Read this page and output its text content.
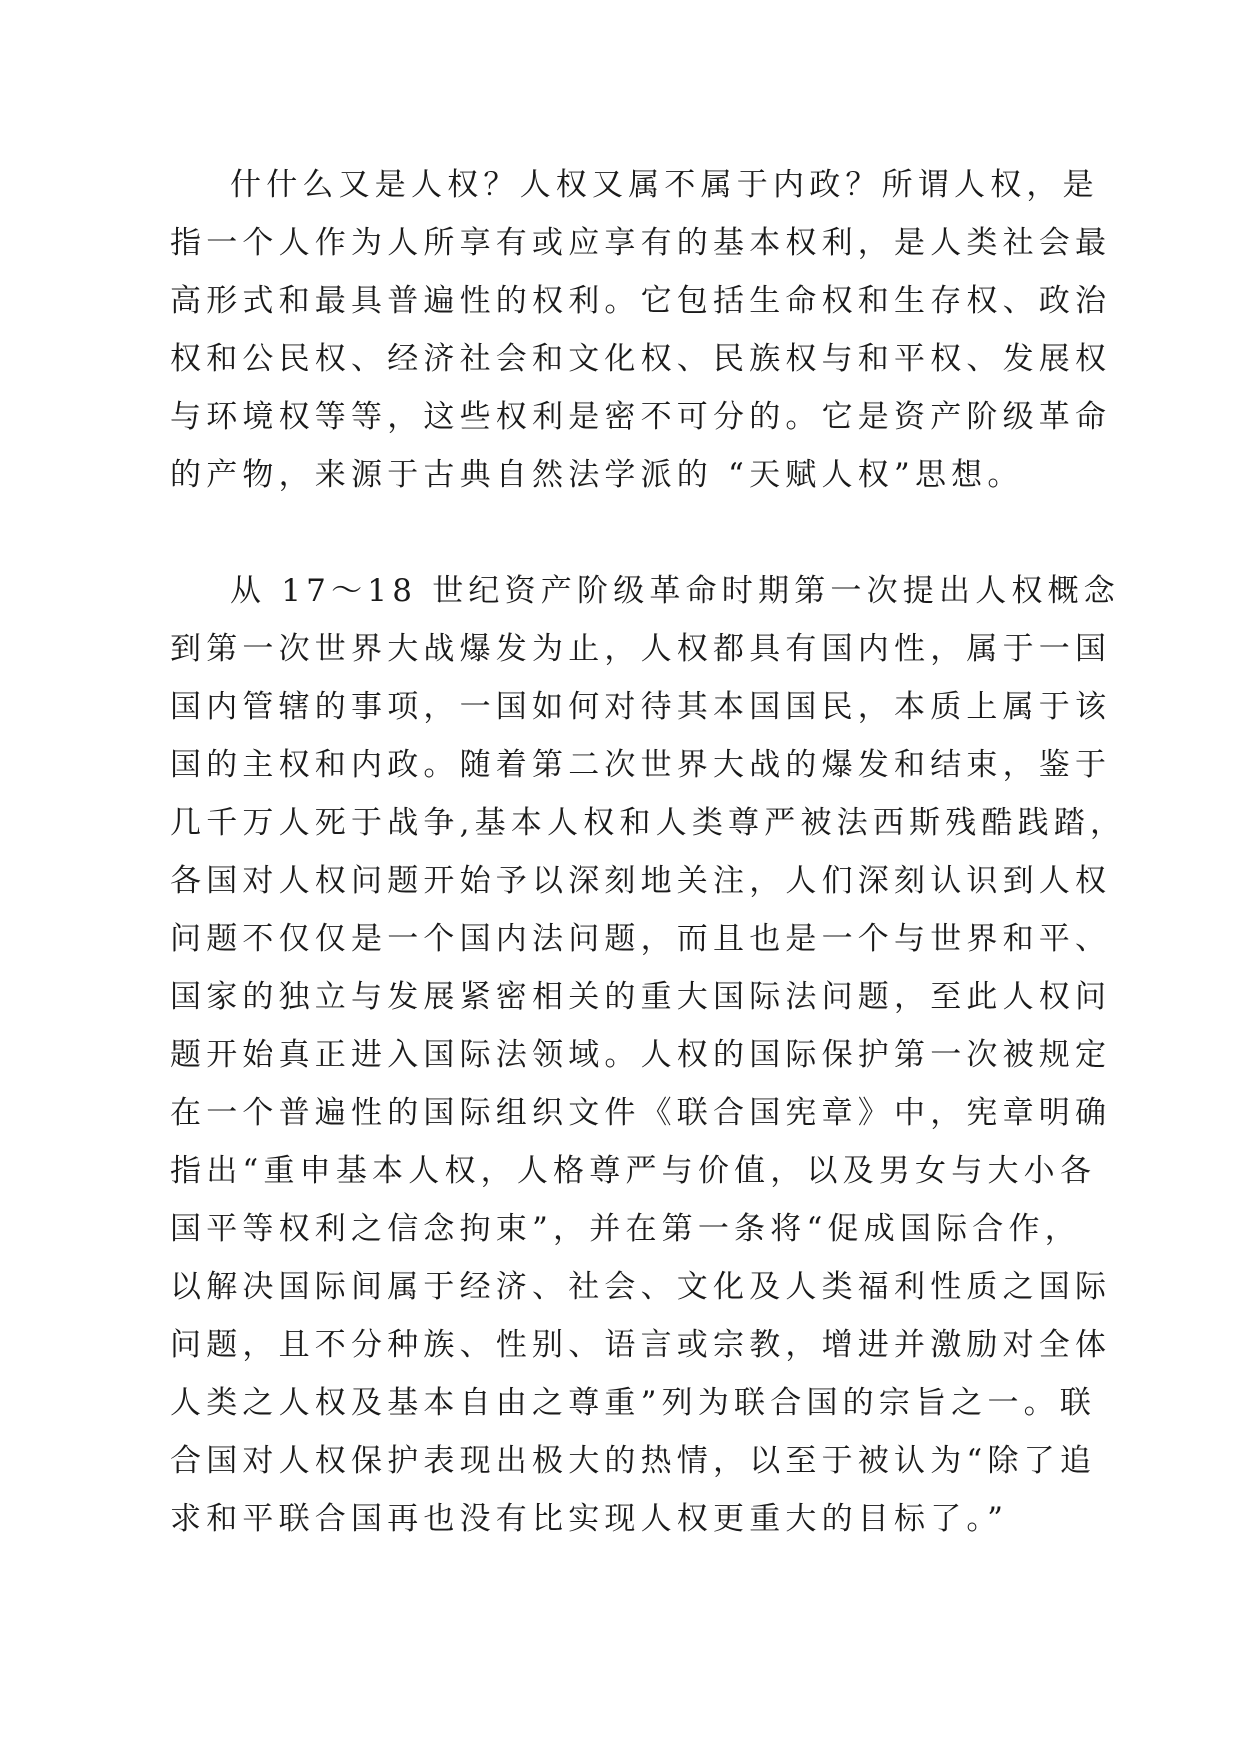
什什么又是人权？人权又属不属于内政？所谓人权，是
指一个人作为人所享有或应享有的基本权利，是人类社会最
高形式和最具普遍性的权利。它包括生命权和生存权、政治
权和公民权、经济社会和文化权、民族权与和平权、发展权
与环境权等等，这些权利是密不可分的。它是资产阶级革命
的产物，来源于古典自然法学派的 “天赋人权”思想。
从 17～18 世纪资产阶级革命时期第一次提出人权概念
到第一次世界大战爆发为止，人权都具有国内性，属于一国
国内管辖的事项，一国如何对待其本国国民，本质上属于该
国的主权和内政。随着第二次世界大战的爆发和结束，鉴于
几千万人死于战争,基本人权和人类尊严被法西斯残酷践踏，
各国对人权问题开始予以深刻地关注，人们深刻认识到人权
问题不仅仅是一个国内法问题，而且也是一个与世界和平、
国家的独立与发展紧密相关的重大国际法问题，至此人权问
题开始真正进入国际法领域。人权的国际保护第一次被规定
在一个普遍性的国际组织文件《联合国宪章》中，宪章明确
指出“重申基本人权，人格尊严与价值，以及男女与大小各
国平等权利之信念拘束”，并在第一条将“促成国际合作，
以解决国际间属于经济、社会、文化及人类福利性质之国际
问题，且不分种族、性别、语言或宗教，增进并激励对全体
人类之人权及基本自由之尊重”列为联合国的宗旨之一。联
合国对人权保护表现出极大的热情，以至于被认为“除了追
求和平联合国再也没有比实现人权更重大的目标了。”
